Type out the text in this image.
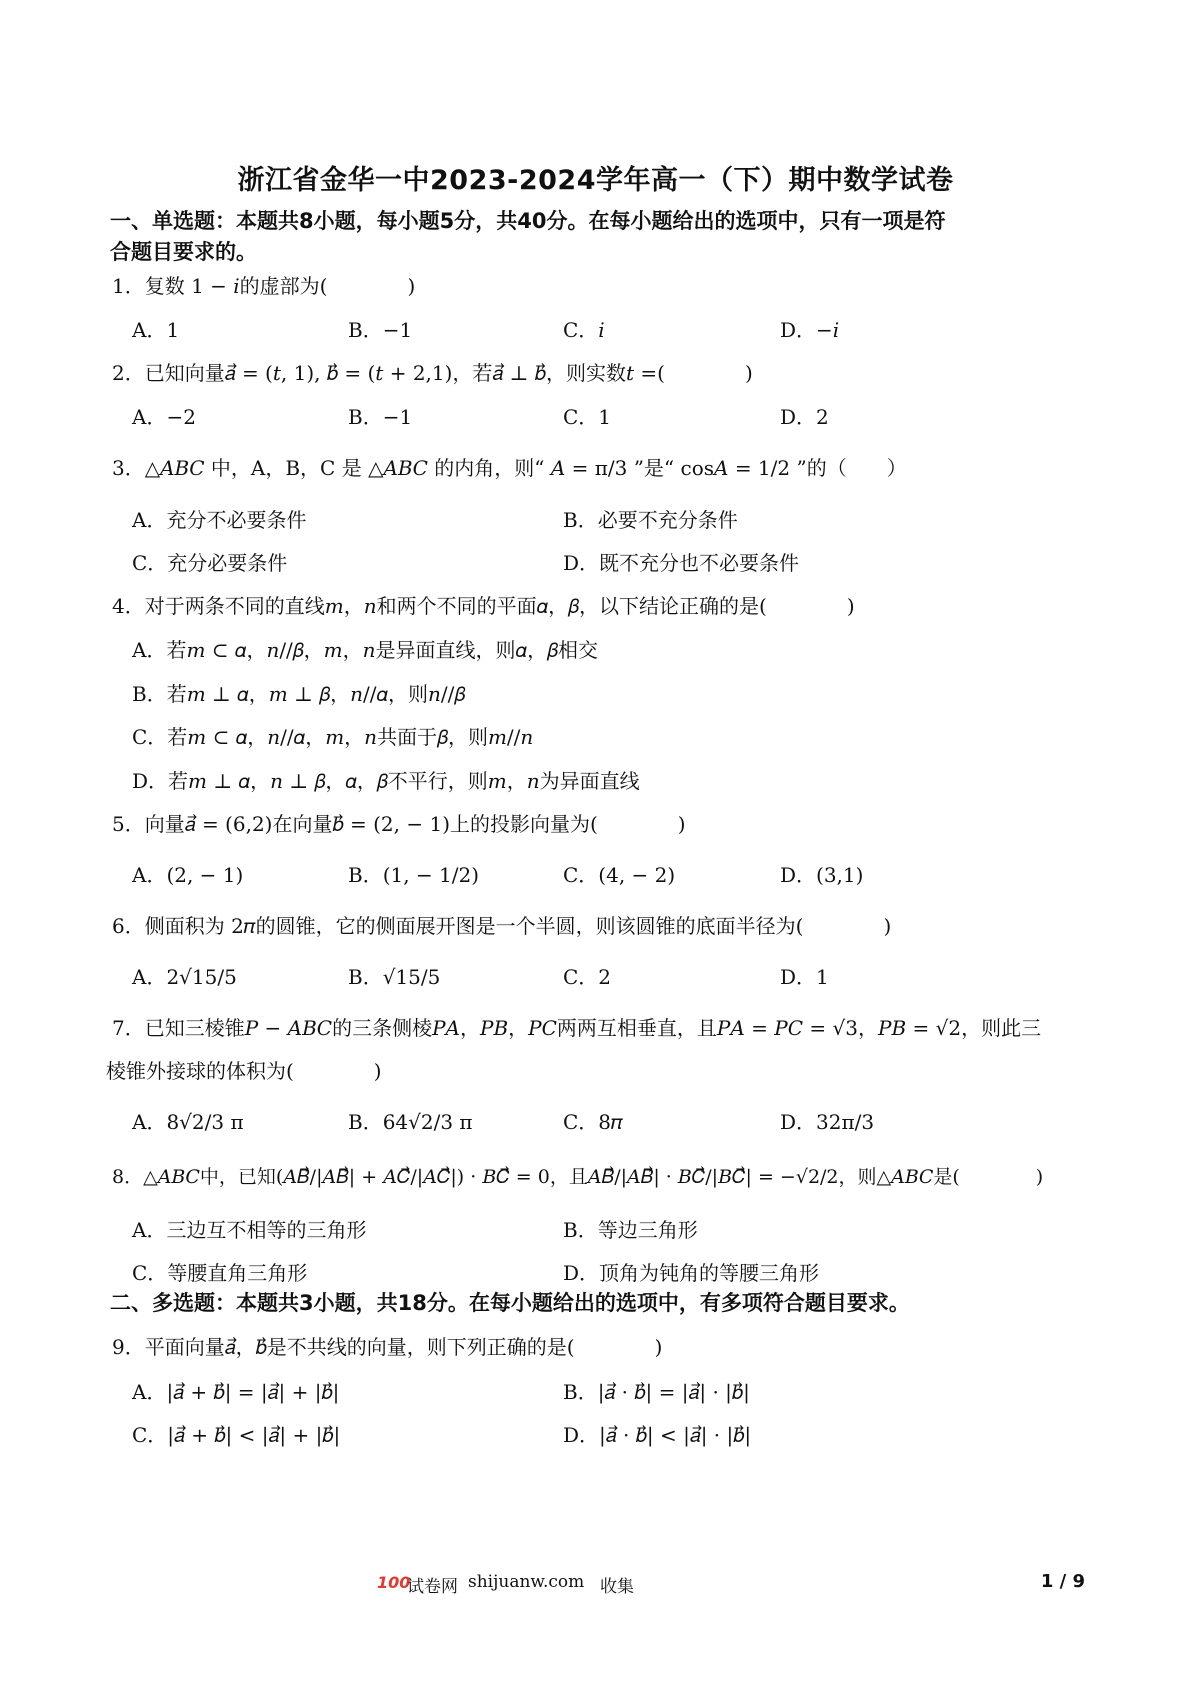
浙江省金华一中2023-2024学年高一（下）期中数学试卷
一、单选题：本题共8小题，每小题5分，共40分。在每小题给出的选项中，只有一项是符
合题目要求的。
1．复数 1 − 𝑖的虚部为(　　　　)
A．1	B．−1	C．𝑖	D．−𝑖
2．已知向量𝑎⃗ = (𝑡, 1), 𝑏⃗ = (𝑡 + 2,1)，若𝑎⃗ ⊥ 𝑏⃗，则实数𝑡 =(　　　　)
A．−2	B．−1	C．1	D．2
3．△𝐴𝐵𝐶 中，A，B，C 是 △𝐴𝐵𝐶 的内角，则“ 𝐴 = π/3 ”是“ cos𝐴 = 1/2 ”的（　　）
A．充分不必要条件	B．必要不充分条件
C．充分必要条件	D．既不充分也不必要条件
4．对于两条不同的直线𝑚，𝑛和两个不同的平面𝛼，𝛽，以下结论正确的是(　　　　)
A．若𝑚 ⊂ 𝛼，𝑛//𝛽，𝑚，𝑛是异面直线，则𝛼，𝛽相交
B．若𝑚 ⊥ 𝛼，𝑚 ⊥ 𝛽，𝑛//𝛼，则𝑛//𝛽
C．若𝑚 ⊂ 𝛼，𝑛//𝛼，𝑚，𝑛共面于𝛽，则𝑚//𝑛
D．若𝑚 ⊥ 𝛼，𝑛 ⊥ 𝛽，𝛼，𝛽不平行，则𝑚，𝑛为异面直线
5．向量𝑎⃗ = (6,2)在向量𝑏⃗ = (2, − 1)上的投影向量为(　　　　)
A．(2, − 1)	B．(1, − 1/2)	C．(4, − 2)	D．(3,1)
6．侧面积为 2𝜋的圆锥，它的侧面展开图是一个半圆，则该圆锥的底面半径为(　　　　)
A．2√15/5	B．√15/5	C．2	D．1
7．已知三棱锥𝑃 − 𝐴𝐵𝐶的三条侧棱𝑃𝐴，𝑃𝐵，𝑃𝐶两两互相垂直，且𝑃𝐴 = 𝑃𝐶 = √3，𝑃𝐵 = √2，则此三
棱锥外接球的体积为(　　　　)
A．8√2/3 π	B．64√2/3 π	C．8𝜋	D．32π/3
8．△𝐴𝐵𝐶中，已知(𝐴𝐵⃗/|𝐴𝐵⃗| + 𝐴𝐶⃗/|𝐴𝐶⃗|) · 𝐵𝐶⃗ = 0，且𝐴𝐵⃗/|𝐴𝐵⃗| · 𝐵𝐶⃗/|𝐵𝐶⃗| = −√2/2，则△𝐴𝐵𝐶是(　　　　)
A．三边互不相等的三角形	B．等边三角形
C．等腰直角三角形	D．顶角为钝角的等腰三角形
二、多选题：本题共3小题，共18分。在每小题给出的选项中，有多项符合题目要求。
9．平面向量𝑎⃗，𝑏⃗是不共线的向量，则下列正确的是(　　　　)
A．|𝑎⃗ + 𝑏⃗| = |𝑎⃗| + |𝑏⃗|	B．|𝑎⃗ · 𝑏⃗| = |𝑎⃗| · |𝑏⃗|
C．|𝑎⃗ + 𝑏⃗| < |𝑎⃗| + |𝑏⃗|	D．|𝑎⃗ · 𝑏⃗| < |𝑎⃗| · |𝑏⃗|
100
试卷网 shijuanw.com 收集	1 / 9
